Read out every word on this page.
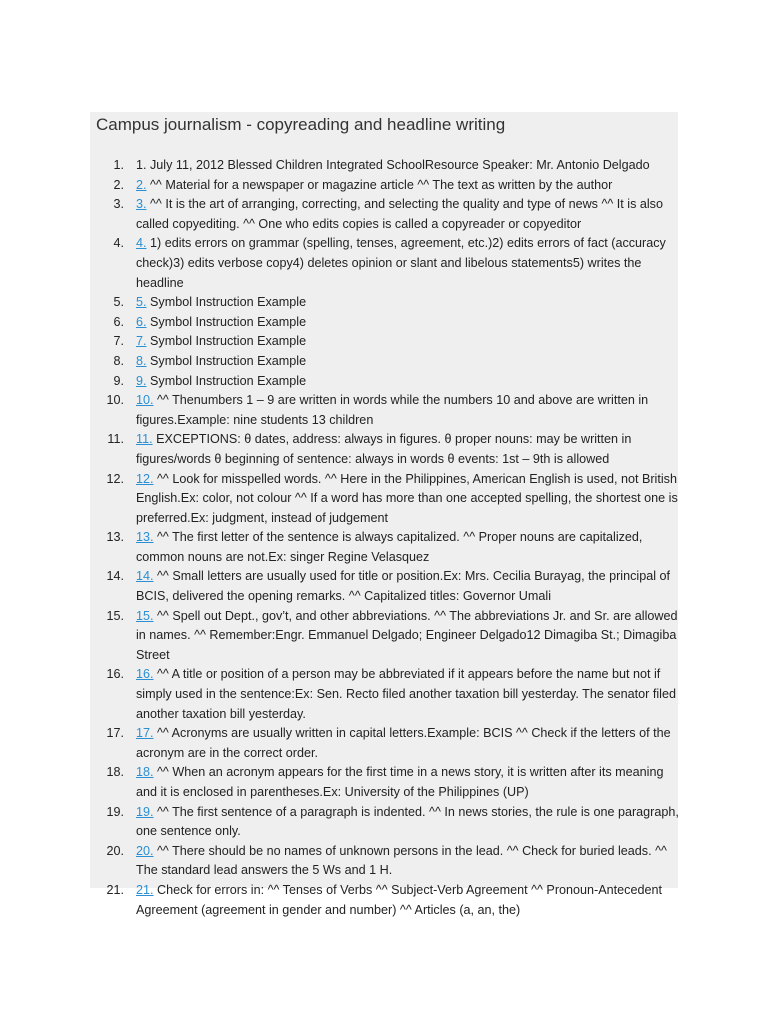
Campus journalism - copyreading and headline writing
1. 1. July 11, 2012 Blessed Children Integrated SchoolResource Speaker: Mr. Antonio Delgado
2. 2. ^^ Material for a newspaper or magazine article ^^ The text as written by the author
3. 3. ^^ It is the art of arranging, correcting, and selecting the quality and type of news ^^ It is also called copyediting. ^^ One who edits copies is called a copyreader or copyeditor
4. 4. 1) edits errors on grammar (spelling, tenses, agreement, etc.)2) edits errors of fact (accuracy check)3) edits verbose copy4) deletes opinion or slant and libelous statements5) writes the headline
5. 5. Symbol Instruction Example
6. 6. Symbol Instruction Example
7. 7. Symbol Instruction Example
8. 8. Symbol Instruction Example
9. 9. Symbol Instruction Example
10. 10. ^^ Thenumbers 1 – 9 are written in words while the numbers 10 and above are written in figures.Example: nine students 13 children
11. 11. EXCEPTIONS: θ dates, address: always in figures. θ proper nouns: may be written in figures/words θ beginning of sentence: always in words θ events: 1st – 9th is allowed
12. 12. ^^ Look for misspelled words. ^^ Here in the Philippines, American English is used, not British English.Ex: color, not colour ^^ If a word has more than one accepted spelling, the shortest one is preferred.Ex: judgment, instead of judgement
13. 13. ^^ The first letter of the sentence is always capitalized. ^^ Proper nouns are capitalized, common nouns are not.Ex: singer Regine Velasquez
14. 14. ^^ Small letters are usually used for title or position.Ex: Mrs. Cecilia Burayag, the principal of BCIS, delivered the opening remarks. ^^ Capitalized titles: Governor Umali
15. 15. ^^ Spell out Dept., gov’t, and other abbreviations. ^^ The abbreviations Jr. and Sr. are allowed in names. ^^ Remember:Engr. Emmanuel Delgado; Engineer Delgado12 Dimagiba St.; Dimagiba Street
16. 16. ^^ A title or position of a person may be abbreviated if it appears before the name but not if simply used in the sentence:Ex: Sen. Recto filed another taxation bill yesterday. The senator filed another taxation bill yesterday.
17. 17. ^^ Acronyms are usually written in capital letters.Example: BCIS ^^ Check if the letters of the acronym are in the correct order.
18. 18. ^^ When an acronym appears for the first time in a news story, it is written after its meaning and it is enclosed in parentheses.Ex: University of the Philippines (UP)
19. 19. ^^ The first sentence of a paragraph is indented. ^^ In news stories, the rule is one paragraph, one sentence only.
20. 20. ^^ There should be no names of unknown persons in the lead. ^^ Check for buried leads. ^^ The standard lead answers the 5 Ws and 1 H.
21. 21. Check for errors in: ^^ Tenses of Verbs ^^ Subject-Verb Agreement ^^ Pronoun-Antecedent Agreement (agreement in gender and number) ^^ Articles (a, an, the)
